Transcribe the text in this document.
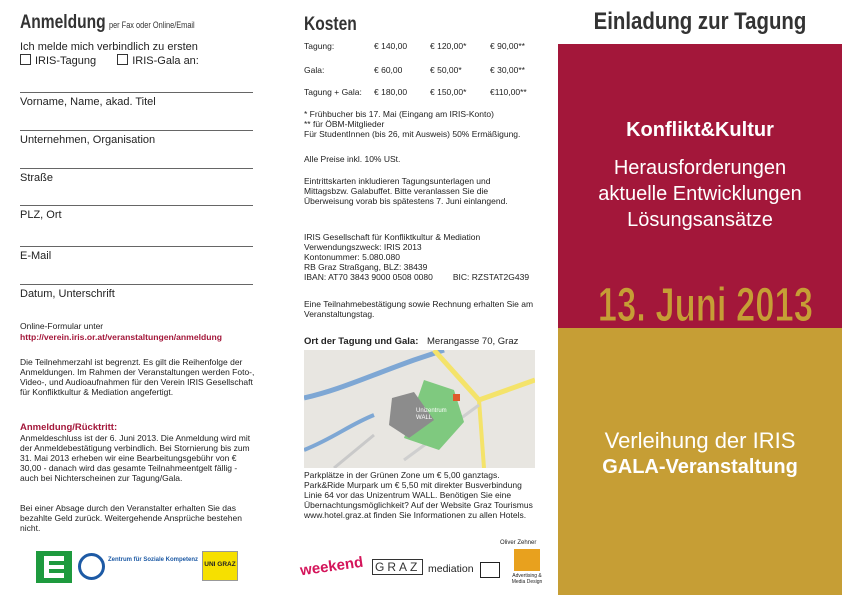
Anmeldung per Fax oder Online/Email
Ich melde mich verbindlich zu ersten
IRIS-Tagung	IRIS-Gala an:
Vorname, Name, akad. Titel
Unternehmen, Organisation
Straße
PLZ, Ort
E-Mail
Datum, Unterschrift
Online-Formular unter
http://verein.iris.or.at/veranstaltungen/anmeldung
Die Teilnehmerzahl ist begrenzt. Es gilt die Reihenfolge der Anmeldungen. Im Rahmen der Veranstaltungen werden Foto-, Video-, und Audioaufnahmen für den Verein IRIS Gesellschaft für Konfliktkultur & Mediation angefertigt.
Anmeldung/Rücktritt:
Anmeldeschluss ist der 6. Juni 2013. Die Anmeldung wird mit der Anmeldebestätigung verbindlich. Bei Stornierung bis zum 31. Mai 2013 erheben wir eine Bearbeitungsgebühr von € 30,00 - danach wird das gesamte Teilnahmeentgelt fällig - auch bei Nichterscheinen zur Tagung/Gala.
Bei einer Absage durch den Veranstalter erhalten Sie das bezahlte Geld zurück. Weitergehende Ansprüche bestehen nicht.
Zentrum für Soziale Kompetenz
UNI GRAZ
Kosten
Tagung:	€ 140,00	€ 120,00*	€ 90,00**
Gala:	€ 60,00	€ 50,00*	€ 30,00**
Tagung + Gala: € 180,00	€ 150,00*	€110,00**
* Frühbucher bis 17. Mai (Eingang am IRIS-Konto)
** für ÖBM-Mitglieder
Für StudentInnen (bis 26, mit Ausweis) 50% Ermäßigung.
Alle Preise inkl. 10% USt.
Eintrittskarten inkludieren Tagungsunterlagen und Mittagsbzw. Galabuffet. Bitte veranlassen Sie die Überweisung vorab bis spätestens 7. Juni einlangend.
IRIS Gesellschaft für Konfliktkultur & Mediation
Verwendungszweck: IRIS 2013
Kontonummer: 5.080.080
RB Graz Straßgang, BLZ: 38439
IBAN: AT70 3843 9000 0508 0080 BIC: RZSTAT2G439
Eine Teilnahmebestätigung sowie Rechnung erhalten Sie am Veranstaltungstag.
Ort der Tagung und Gala: Merangasse 70, Graz
Unizentrum WALL
Parkplätze in der Grünen Zone um € 5,00 ganztags. Park&Ride Murpark um € 5,50 mit direkter Busverbindung Linie 64 vor das Unizentrum WALL. Benötigen Sie eine Übernachtungsmöglichkeit? Auf der Website Graz Tourismus www.hotel.graz.at finden Sie Informationen zu allen Hotels.
weekend GRAZ mediation
Oliver Zehner
Advertising & Media Design
Einladung zur Tagung
Konflikt&Kultur
Herausforderungen
aktuelle Entwicklungen
Lösungsansätze
Verleihung der IRIS
GALA-Veranstaltung
13. Juni 2013
